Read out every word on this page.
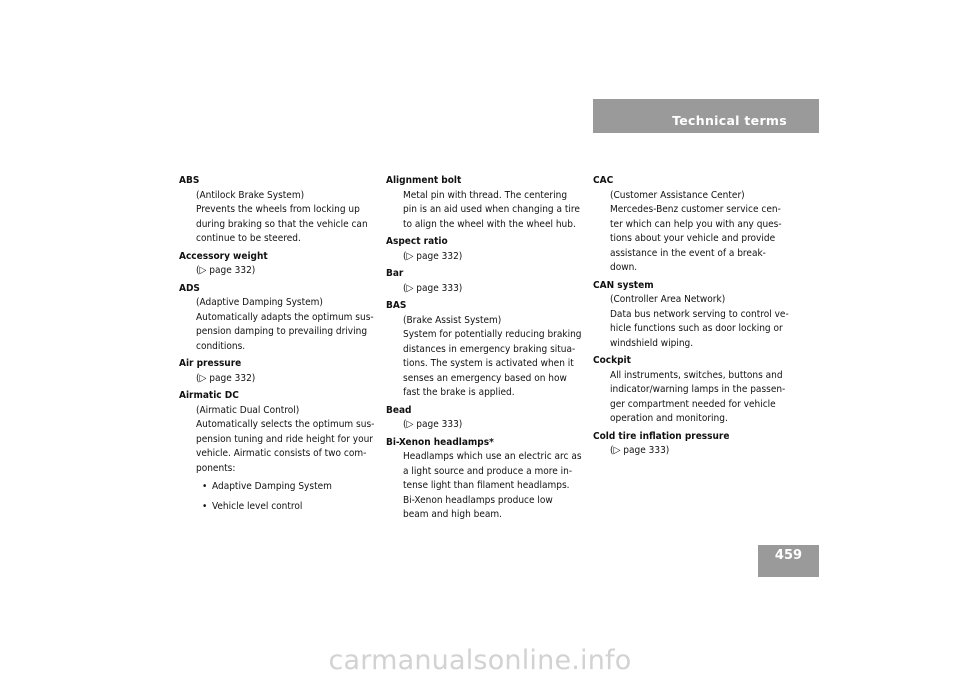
Technical terms
ABS
(Antilock Brake System)
Prevents the wheels from locking up
during braking so that the vehicle can
continue to be steered.
Accessory weight
(▷ page 332)
ADS
(Adaptive Damping System)
Automatically adapts the optimum sus-
pension damping to prevailing driving
conditions.
Air pressure
(▷ page 332)
Airmatic DC
(Airmatic Dual Control)
Automatically selects the optimum sus-
pension tuning and ride height for your
vehicle. Airmatic consists of two com-
ponents:
• Adaptive Damping System
• Vehicle level control
Alignment bolt
Metal pin with thread. The centering
pin is an aid used when changing a tire
to align the wheel with the wheel hub.
Aspect ratio
(▷ page 332)
Bar
(▷ page 333)
BAS
(Brake Assist System)
System for potentially reducing braking
distances in emergency braking situa-
tions. The system is activated when it
senses an emergency based on how
fast the brake is applied.
Bead
(▷ page 333)
Bi-Xenon headlamps*
Headlamps which use an electric arc as
a light source and produce a more in-
tense light than filament headlamps.
Bi-Xenon headlamps produce low
beam and high beam.
CAC
(Customer Assistance Center)
Mercedes-Benz customer service cen-
ter which can help you with any ques-
tions about your vehicle and provide
assistance in the event of a break-
down.
CAN system
(Controller Area Network)
Data bus network serving to control ve-
hicle functions such as door locking or
windshield wiping.
Cockpit
All instruments, switches, buttons and
indicator/warning lamps in the passen-
ger compartment needed for vehicle
operation and monitoring.
Cold tire inflation pressure
(▷ page 333)
459
carmanualsonline.info
